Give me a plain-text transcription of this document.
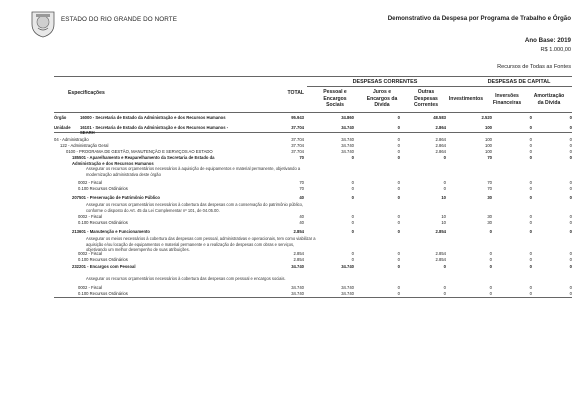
ESTADO DO RIO GRANDE DO NORTE	Demonstrativo da Despesa por Programa de Trabalho e Órgão
Ano Base: 2019
R$ 1.000,00
Recursos de Todas as Fontes
DESPESAS CORRENTES	DESPESAS DE CAPITAL
Especificações	TOTAL	Pessoal e
Encargos
Sociais
Juros e
Encargos da
Dívida
Outras
Despesas
Correntes
Investimentos	Inversões
Financeiras
Amortização
da Dívida
Órgão	16000 - Secretaria de Estado da Administração e dos Recursos Humanos	95.943	34.860	0	48.583	2.520	0	0
Unidade 16101 - Secretaria de Estado da Administração e dos Recursos Humanos -	37.704	34.740	0	2.864	100	0	0
SEARH
04 - Administração	37.704	34.740	0	2.864	100	0	0
122 - Administração Geral	37.704	34.740	0	2.864	100	0	0
0100 - PROGRAMA DE GESTÃO, MANUTENÇÃO E SERVIÇOS AO ESTADO	37.704	34.740	0	2.864	100	0	0
185501 - Aparelhamento e Reaparelhamento da Secretaria de Estado da	70	0	0	0	70	0	0
Administração e dos Recursos Humanos
0002 - Fiscal	70	0	0	0	70	0	0
0.100 Recursos Ordinários	70	0	0	0	70	0	0
207501 - Preservação de Patrimônio Público	40	0	0	10	30	0	0
0002 - Fiscal	40	0	0	10	30	0	0
0.100 Recursos Ordinários	40	0	0	10	30	0	0
213601 - Manutenção e Funcionamento	2.854	0	0	2.854	0	0	0
0002 - Fiscal	2.854	0	0	2.854	0	0	0
0.100 Recursos Ordinários	2.854	0	0	2.854	0	0	0
232201 - Encargos com Pessoal	34.740	34.740	0	0	0	0	0
0002 - Fiscal	34.740	34.740	0	0	0	0	0
0.100 Recursos Ordinários	34.740	34.740	0	0	0	0	0
Assegurar os recursos orçamentários necessários à aquisição de equipamentos e material permanente, objetivando a modernização administrativa deste órgão
Assegurar os recursos orçamentários necessários à cobertura das despesas com a conservação do patrimônio público, conforme o disposto do Art. 45 da Lei Complementar nº 101, de 04.05.00.
Assegurar os meios necessários à cobertura das despesas com pessoal, administrativas e operacionais, tem como viabilizar a aquisição e/ou locação de equipamentos e material permanente e a realização de despesas com obras e serviços, objetivando um melhor desempenho de suas atribuições.
Assegurar os recursos orçamentários necessários à cobertura das despesas com pessoal e encargos sociais.
